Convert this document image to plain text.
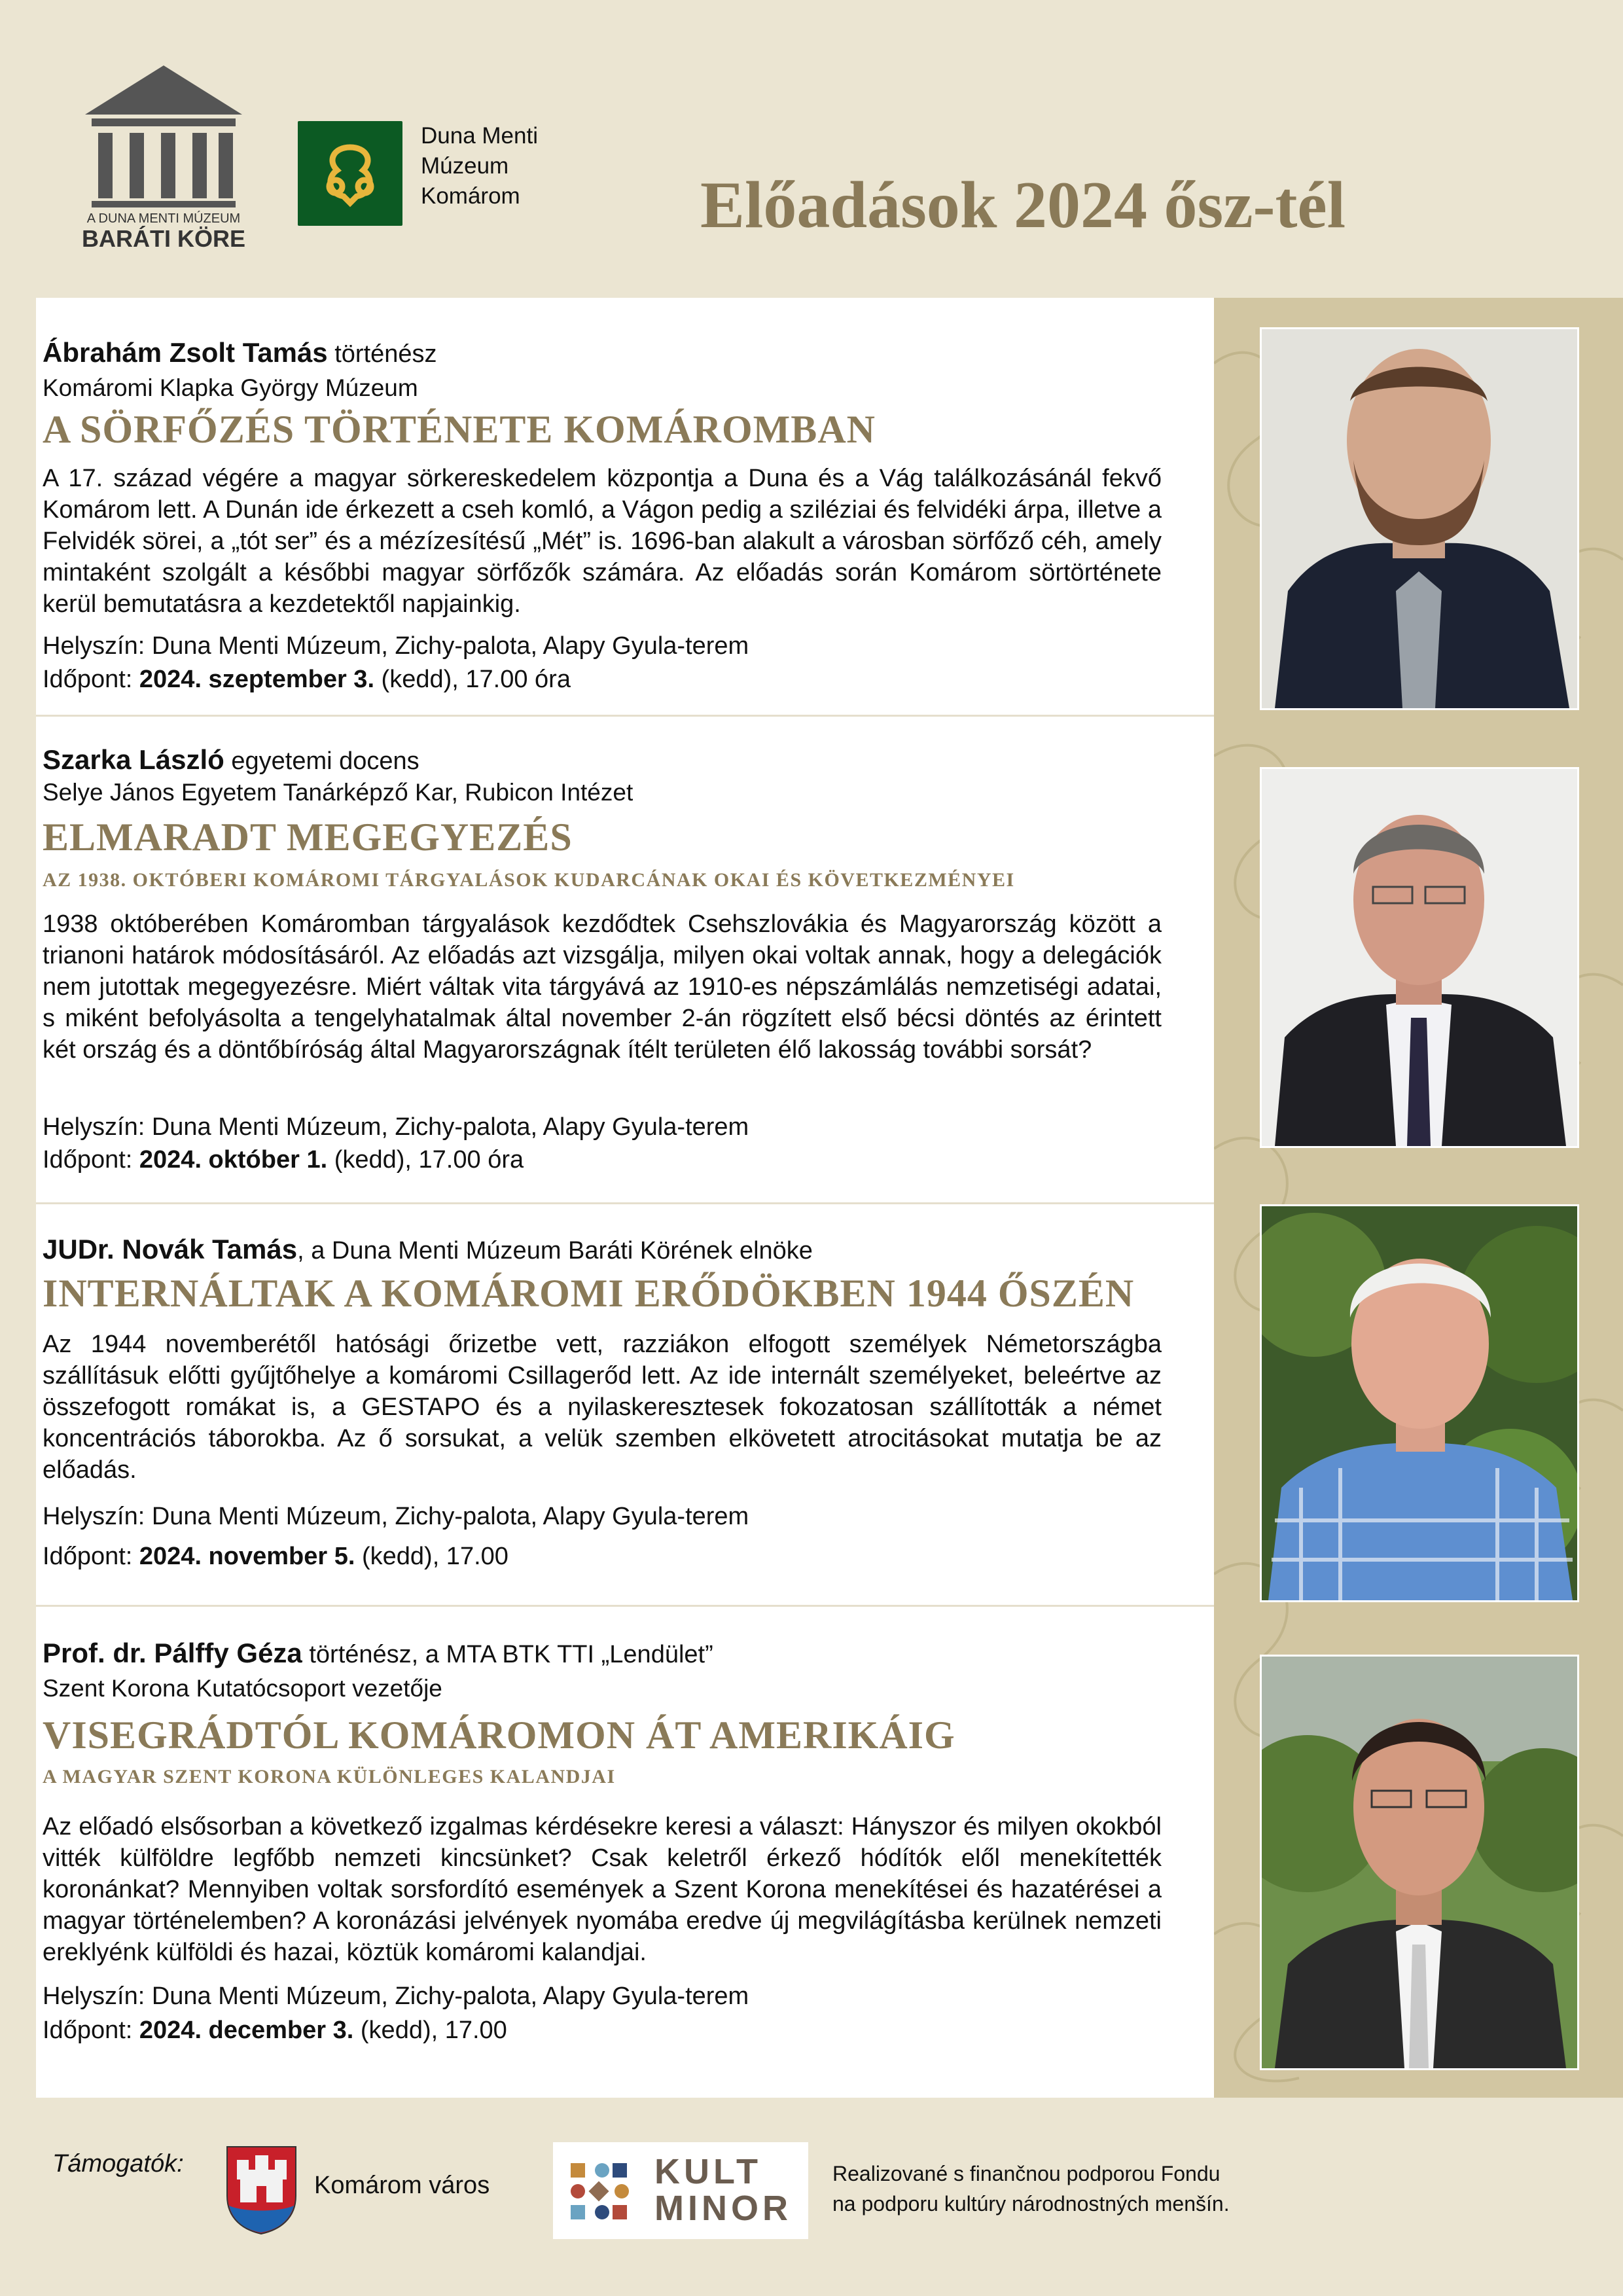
A DUNA MENTI MÚZEUM
BARÁTI KÖRE
Duna Menti
Múzeum
Komárom	Előadások 2024 ősz-tél
Ábrahám Zsolt Tamás történész
Komáromi Klapka György Múzeum
A SÖRFŐZÉS TÖRTÉNETE KOMÁROMBAN
A 17. század végére a magyar sörkereskedelem központja a Duna és a Vág találkozásánál fekvő Komárom lett. A Dunán ide érkezett a cseh komló, a Vágon pedig a sziléziai és felvidéki árpa, illetve a Felvidék sörei, a „tót ser” és a mézízesítésű „Mét” is. 1696-ban alakult a városban sörfőző céh, amely mintaként szolgált a későbbi magyar sörfőzők számára. Az előadás során Komárom sörtörténete kerül bemutatásra a kezdetektől napjainkig.
Helyszín: Duna Menti Múzeum, Zichy-palota, Alapy Gyula-terem
Időpont: 2024. szeptember 3. (kedd), 17.00 óra
Szarka László egyetemi docens
Selye János Egyetem Tanárképző Kar, Rubicon Intézet
ELMARADT MEGEGYEZÉS
AZ 1938. OKTÓBERI KOMÁROMI TÁRGYALÁSOK KUDARCÁNAK OKAI ÉS KÖVETKEZMÉNYEI
1938 októberében Komáromban tárgyalások kezdődtek Csehszlovákia és Magyarország között a trianoni határok módosításáról. Az előadás azt vizsgálja, milyen okai voltak annak, hogy a delegációk nem jutottak megegyezésre. Miért váltak vita tárgyává az 1910-es népszámlálás nemzetiségi adatai, s miként befolyásolta a tengelyhatalmak által november 2-án rögzített első bécsi döntés az érintett két ország és a döntőbíróság által Magyarországnak ítélt területen élő lakosság további sorsát?
Helyszín: Duna Menti Múzeum, Zichy-palota, Alapy Gyula-terem
Időpont: 2024. október 1. (kedd), 17.00 óra
JUDr. Novák Tamás, a Duna Menti Múzeum Baráti Körének elnöke
INTERNÁLTAK A KOMÁROMI ERŐDÖKBEN 1944 ŐSZÉN
Az 1944 novemberétől hatósági őrizetbe vett, razziákon elfogott személyek Németországba szállításuk előtti gyűjtőhelye a komáromi Csillagerőd lett. Az ide internált személyeket, beleértve az összefogott romákat is, a GESTAPO és a nyilaskeresztesek fokozatosan szállították a német koncentrációs táborokba. Az ő sorsukat, a velük szemben elkövetett atrocitásokat mutatja be az előadás.
Helyszín: Duna Menti Múzeum, Zichy-palota, Alapy Gyula-terem
Időpont: 2024. november 5. (kedd), 17.00
Prof. dr. Pálffy Géza történész, a MTA BTK TTI „Lendület”
Szent Korona Kutatócsoport vezetője
VISEGRÁDTÓL KOMÁROMON ÁT AMERIKÁIG
A MAGYAR SZENT KORONA KÜLÖNLEGES KALANDJAI
Az előadó elsősorban a következő izgalmas kérdésekre keresi a választ: Hányszor és milyen okokból vitték külföldre legfőbb nemzeti kincsünket? Csak keletről érkező hódítók elől menekítették koronánkat? Mennyiben voltak sorsfordító események a Szent Korona menekítései és hazatérései a magyar történelemben? A koronázási jelvények nyomába eredve új megvilágításba kerülnek nemzeti ereklyénk külföldi és hazai, köztük komáromi kalandjai.
Helyszín: Duna Menti Múzeum, Zichy-palota, Alapy Gyula-terem
Időpont: 2024. december 3. (kedd), 17.00
Támogatók:
Komárom város	KULT
MINOR
Realizované s finančnou podporou Fondu
na podporu kultúry národnostných menšín.
